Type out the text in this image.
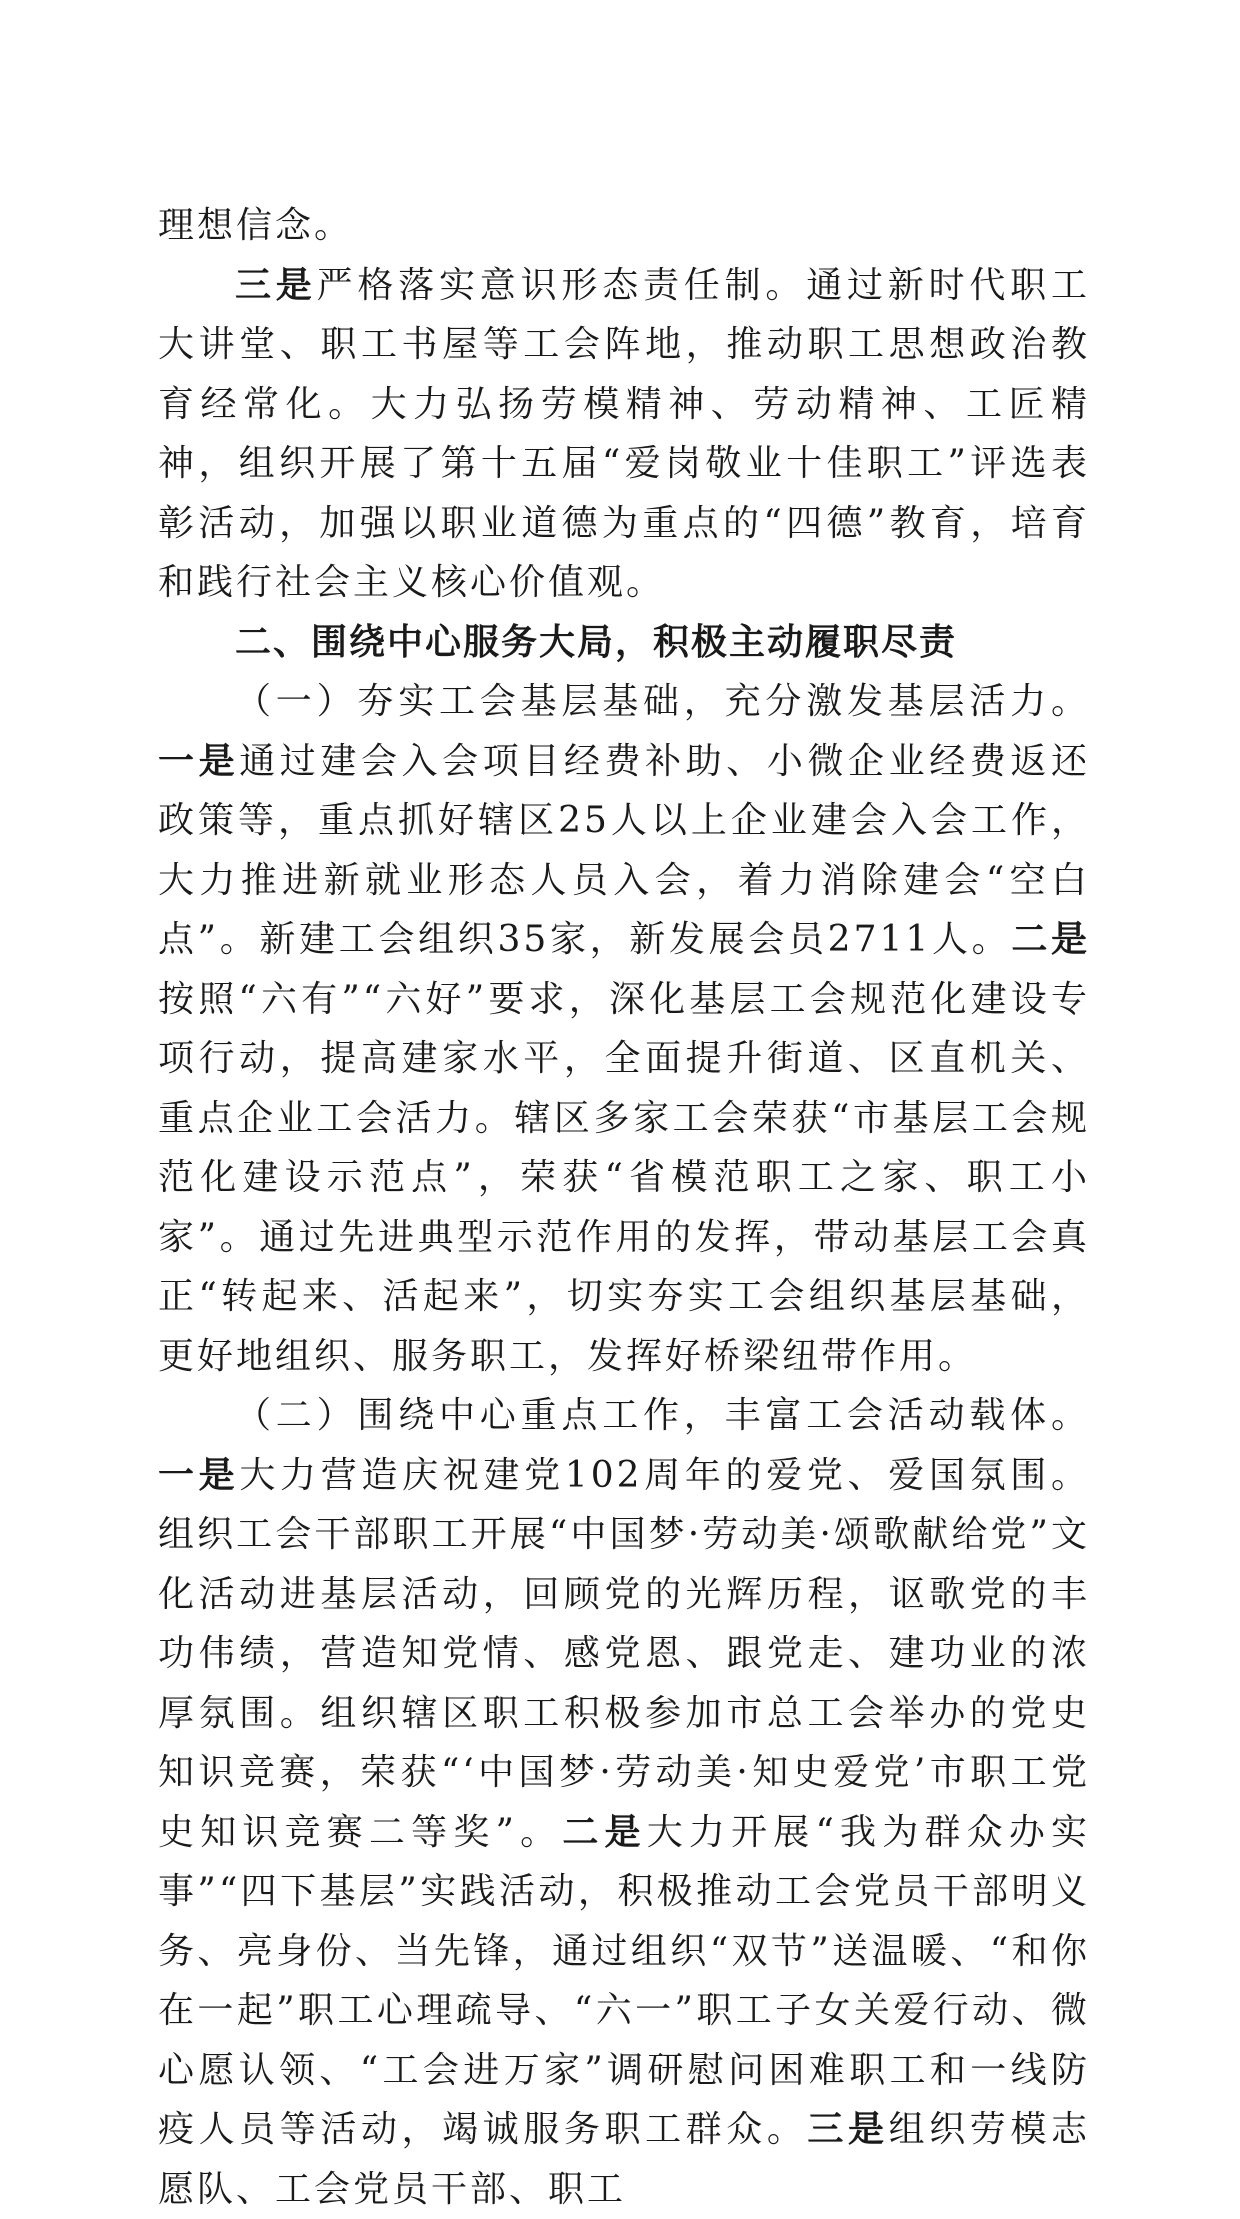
理想信念。

三是严格落实意识形态责任制。通过新时代职工大讲堂、职工书屋等工会阵地，推动职工思想政治教育经常化。大力弘扬劳模精神、劳动精神、工匠精神，组织开展了第十五届“爱岗敬业十佳职工”评选表彰活动，加强以职业道德为重点的“四德”教育，培育和践行社会主义核心价值观。

二、围绕中心服务大局，积极主动履职尽责

（一）夯实工会基层基础，充分激发基层活力。一是通过建会入会项目经费补助、小微企业经费返还政策等，重点抓好辖区25人以上企业建会入会工作，大力推进新就业形态人员入会，着力消除建会“空白点”。新建工会组织35家，新发展会员2711人。二是按照“六有”“六好”要求，深化基层工会规范化建设专项行动，提高建家水平，全面提升街道、区直机关、重点企业工会活力。辖区多家工会荣获“市基层工会规范化建设示范点”，荣获“省模范职工之家、职工小家”。通过先进典型示范作用的发挥，带动基层工会真正“转起来、活起来”，切实夯实工会组织基层基础，更好地组织、服务职工，发挥好桥梁纽带作用。

（二）围绕中心重点工作，丰富工会活动载体。一是大力营造庆祝建党102周年的爱党、爱国氛围。组织工会干部职工开展“中国梦·劳动美·颂歌献给党”文化活动进基层活动，回顾党的光辉历程，讴歌党的丰功伟绩，营造知党情、感党恩、跟党走、建功业的浓厚氛围。组织辖区职工积极参加市总工会举办的党史知识竞赛，荣获“‘中国梦·劳动美·知史爱党’市职工党史知识竞赛二等奖”。二是大力开展“我为群众办实事”“四下基层”实践活动，积极推动工会党员干部明义务、亮身份、当先锋，通过组织“双节”送温暖、“和你在一起”职工心理疏导、“六一”职工子女关爱行动、微心愿认领、“工会进万家”调研慰问困难职工和一线防疫人员等活动，竭诚服务职工群众。三是组织劳模志愿队、工会党员干部、职工
